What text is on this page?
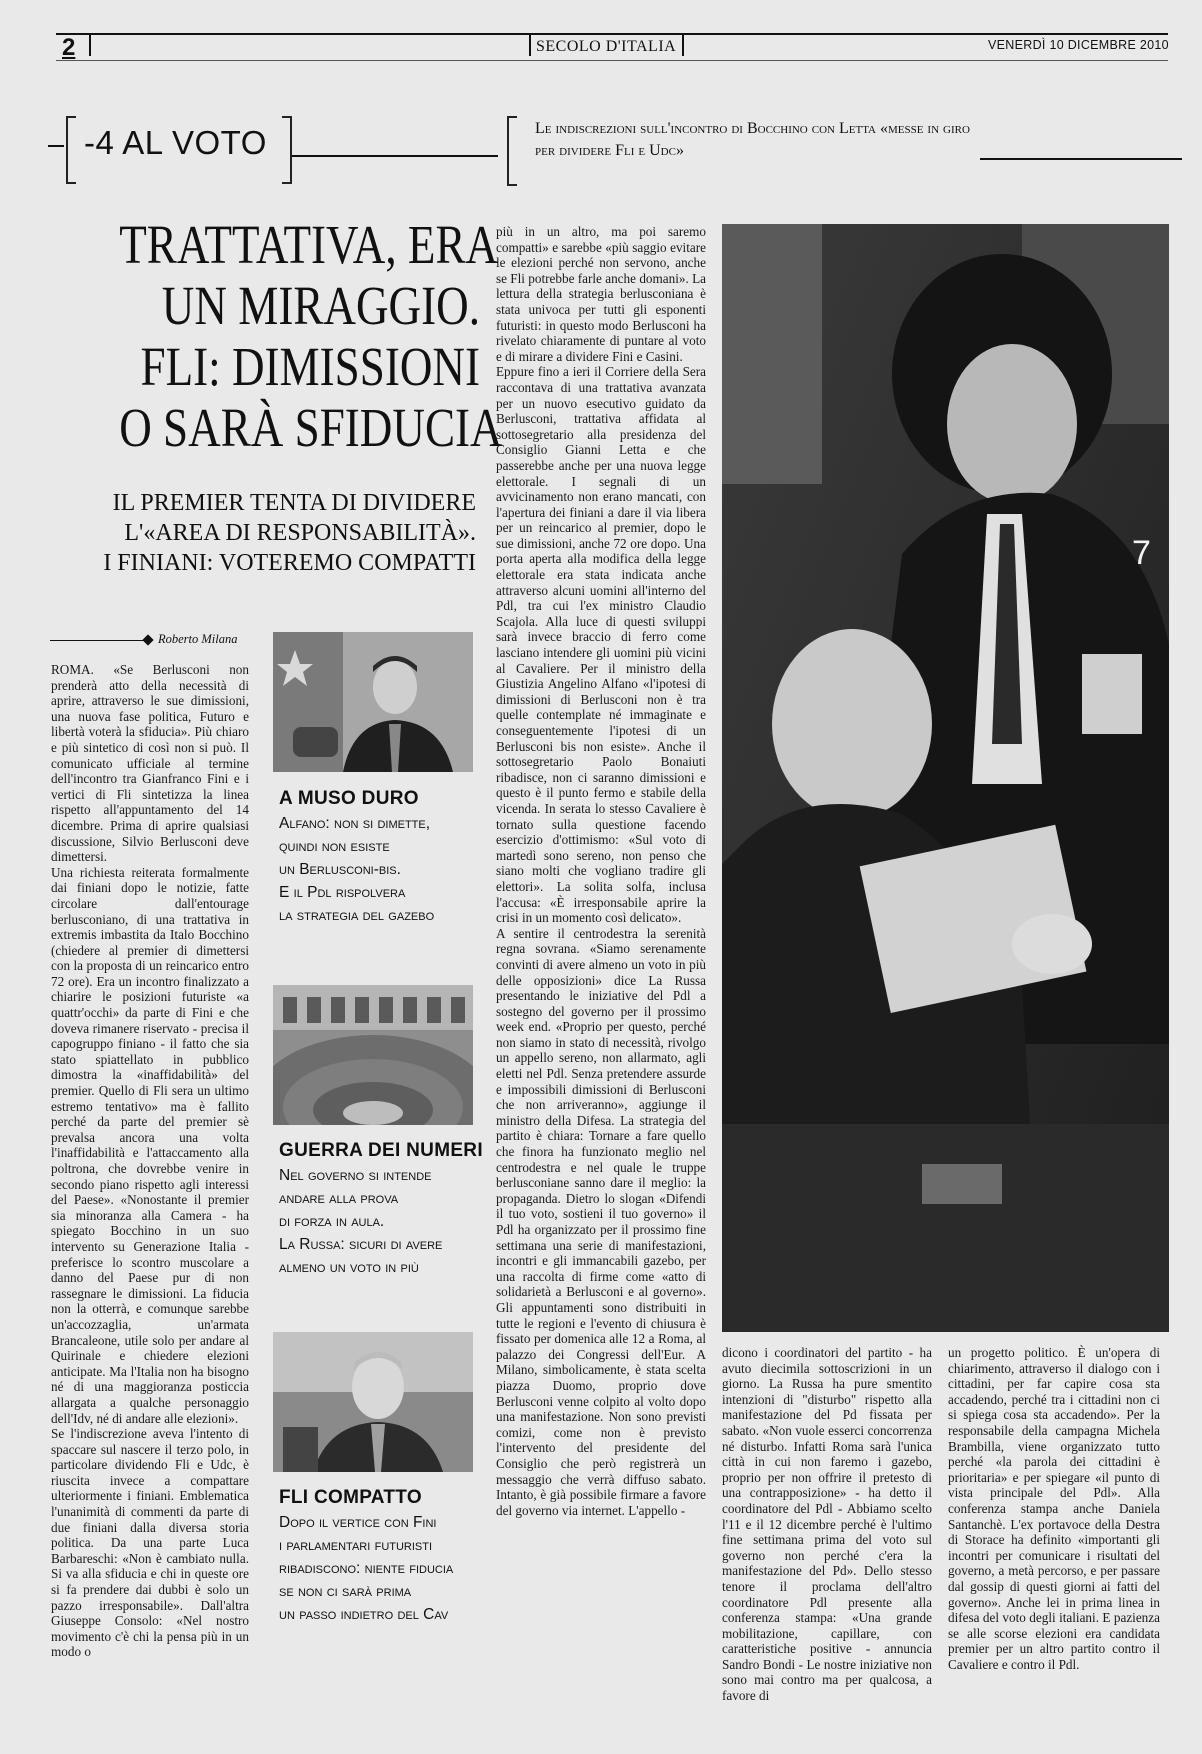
2	SECOLO D'ITALIA	VENERDÌ 10 DICEMBRE 2010
-4 AL VOTO	Le indiscrezioni sull'incontro di Bocchino con Letta «messe in giro per dividere Fli e Udc»
TRATTATIVA, ERA
UN MIRAGGIO.
FLI: DIMISSIONI
O SARÀ SFIDUCIA
IL PREMIER TENTA DI DIVIDERE
L'«AREA DI RESPONSABILITÀ».
I FINIANI: VOTEREMO COMPATTI
Roberto Milana
ROMA. «Se Berlusconi non prenderà atto della necessità di aprire, attraverso le sue dimissioni, una nuova fase politica, Futuro e libertà voterà la sfiducia». Più chiaro e più sintetico di così non si può. Il comunicato ufficiale al termine dell'incontro tra Gianfranco Fini e i vertici di Fli sintetizza la linea rispetto all'appuntamento del 14 dicembre. Prima di aprire qualsiasi discussione, Silvio Berlusconi deve dimettersi.
Una richiesta reiterata formalmente dai finiani dopo le notizie, fatte circolare dall'entourage berlusconiano, di una trattativa in extremis imbastita da Italo Bocchino (chiedere al premier di dimettersi con la proposta di un reincarico entro 72 ore). Era un incontro finalizzato a chiarire le posizioni futuriste «a quattr'occhi» da parte di Fini e che doveva rimanere riservato - precisa il capogruppo finiano - il fatto che sia stato spiattellato in pubblico dimostra la «inaffidabilità» del premier. Quello di Fli sera un ultimo estremo tentativo» ma è fallito perché da parte del premier sè prevalsa ancora una volta l'inaffidabilità e l'attaccamento alla poltrona, che dovrebbe venire in secondo piano rispetto agli interessi del Paese». «Nonostante il premier sia minoranza alla Camera - ha spiegato Bocchino in un suo intervento su Generazione Italia - preferisce lo scontro muscolare a danno del Paese pur di non rassegnare le dimissioni. La fiducia non la otterrà, e comunque sarebbe un'accozzaglia, un'armata Brancaleone, utile solo per andare al Quirinale e chiedere elezioni anticipate. Ma l'Italia non ha bisogno né di una maggioranza posticcia allargata a qualche personaggio dell'Idv, né di andare alle elezioni».
Se l'indiscrezione aveva l'intento di spaccare sul nascere il terzo polo, in particolare dividendo Fli e Udc, è riuscita invece a compattare ulteriormente i finiani. Emblematica l'unanimità di commenti da parte di due finiani dalla diversa storia politica. Da una parte Luca Barbareschi: «Non è cambiato nulla. Si va alla sfiducia e chi in queste ore si fa prendere dai dubbi è solo un pazzo irresponsabile». Dall'altra Giuseppe Consolo: «Nel nostro movimento c'è chi la pensa più in un modo o
A MUSO DURO
Alfano: non si dimette,
quindi non esiste
un Berlusconi-bis.
E il Pdl rispolvera
la strategia del gazebo
GUERRA DEI NUMERI
Nel governo si intende
andare alla prova
di forza in aula.
La Russa: sicuri di avere
almeno un voto in più
FLI COMPATTO
Dopo il vertice con Fini
i parlamentari futuristi
ribadiscono: niente fiducia
se non ci sarà prima
un passo indietro del Cav
più in un altro, ma poi saremo compatti» e sarebbe «più saggio evitare le elezioni perché non servono, anche se Fli potrebbe farle anche domani». La lettura della strategia berlusconiana è stata univoca per tutti gli esponenti futuristi: in questo modo Berlusconi ha rivelato chiaramente di puntare al voto e di mirare a dividere Fini e Casini.
Eppure fino a ieri il Corriere della Sera raccontava di una trattativa avanzata per un nuovo esecutivo guidato da Berlusconi, trattativa affidata al sottosegretario alla presidenza del Consiglio Gianni Letta e che passerebbe anche per una nuova legge elettorale. I segnali di un avvicinamento non erano mancati, con l'apertura dei finiani a dare il via libera per un reincarico al premier, dopo le sue dimissioni, anche 72 ore dopo. Una porta aperta alla modifica della legge elettorale era stata indicata anche attraverso alcuni uomini all'interno del Pdl, tra cui l'ex ministro Claudio Scajola. Alla luce di questi sviluppi sarà invece braccio di ferro come lasciano intendere gli uomini più vicini al Cavaliere. Per il ministro della Giustizia Angelino Alfano «l'ipotesi di dimissioni di Berlusconi non è tra quelle contemplate né immaginate e conseguentemente l'ipotesi di un Berlusconi bis non esiste». Anche il sottosegretario Paolo Bonaiuti ribadisce, non ci saranno dimissioni e questo è il punto fermo e stabile della vicenda. In serata lo stesso Cavaliere è tornato sulla questione facendo esercizio d'ottimismo: «Sul voto di martedì sono sereno, non penso che siano molti che vogliano tradire gli elettori». La solita solfa, inclusa l'accusa: «È irresponsabile aprire la crisi in un momento così delicato».
A sentire il centrodestra la serenità regna sovrana. «Siamo serenamente convinti di avere almeno un voto in più delle opposizioni» dice La Russa presentando le iniziative del Pdl a sostegno del governo per il prossimo week end. «Proprio per questo, perché non siamo in stato di necessità, rivolgo un appello sereno, non allarmato, agli eletti nel Pdl. Senza pretendere assurde e impossibili dimissioni di Berlusconi che non arriveranno», aggiunge il ministro della Difesa. La strategia del partito è chiara: Tornare a fare quello che finora ha funzionato meglio nel centrodestra e nel quale le truppe berlusconiane sanno dare il meglio: la propaganda. Dietro lo slogan «Difendi il tuo voto, sostieni il tuo governo» il Pdl ha organizzato per il prossimo fine settimana una serie di manifestazioni, incontri e gli immancabili gazebo, per una raccolta di firme come «atto di solidarietà a Berlusconi e al governo». Gli appuntamenti sono distribuiti in tutte le regioni e l'evento di chiusura è fissato per domenica alle 12 a Roma, al palazzo dei Congressi dell'Eur. A Milano, simbolicamente, è stata scelta piazza Duomo, proprio dove Berlusconi venne colpito al volto dopo una manifestazione. Non sono previsti comizi, come non è previsto l'intervento del presidente del Consiglio che però registrerà un messaggio che verrà diffuso sabato. Intanto, è già possibile firmare a favore del governo via internet. L'appello -
7
dicono i coordinatori del partito - ha avuto diecimila sottoscrizioni in un giorno. La Russa ha pure smentito intenzioni di "disturbo" rispetto alla manifestazione del Pd fissata per sabato. «Non vuole esserci concorrenza né disturbo. Infatti Roma sarà l'unica città in cui non faremo i gazebo, proprio per non offrire il pretesto di una contrapposizione» - ha detto il coordinatore del Pdl - Abbiamo scelto l'11 e il 12 dicembre perché è l'ultimo fine settimana prima del voto sul governo non perché c'era la manifestazione del Pd». Dello stesso tenore il proclama dell'altro coordinatore Pdl presente alla conferenza stampa: «Una grande mobilitazione, capillare, con caratteristiche positive - annuncia Sandro Bondi - Le nostre iniziative non sono mai contro ma per qualcosa, a favore di
un progetto politico. È un'opera di chiarimento, attraverso il dialogo con i cittadini, per far capire cosa sta accadendo, perché tra i cittadini non ci si spiega cosa sta accadendo». Per la responsabile della campagna Michela Brambilla, viene organizzato tutto perché «la parola dei cittadini è prioritaria» e per spiegare «il punto di vista principale del Pdl». Alla conferenza stampa anche Daniela Santanchè. L'ex portavoce della Destra di Storace ha definito «importanti gli incontri per comunicare i risultati del governo, a metà percorso, e per passare dal gossip di questi giorni ai fatti del governo». Anche lei in prima linea in difesa del voto degli italiani. E pazienza se alle scorse elezioni era candidata premier per un altro partito contro il Cavaliere e contro il Pdl.
